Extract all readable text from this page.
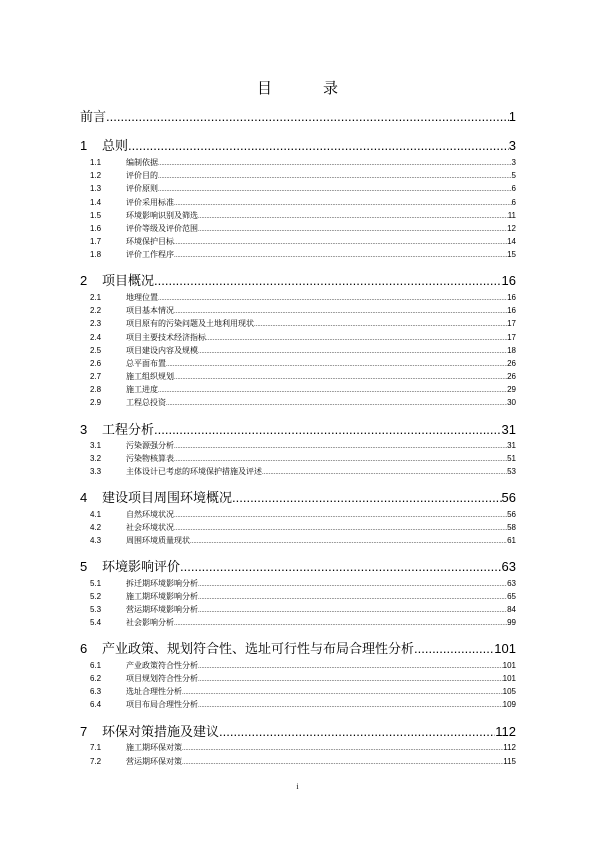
目　录
前言 .....	1
1	总则 .....	3
1.1	编制依据 .....	3
1.2	评价目的 .....	5
1.3	评价原则 .....	6
1.4	评价采用标准 .....	6
1.5	环境影响识别及筛选 .....	11
1.6	评价等级及评价范围 .....	12
1.7	环境保护目标 .....	14
1.8	评价工作程序 .....	15
2	项目概况 .....	16
2.1	地理位置 .....	16
2.2	项目基本情况 .....	16
2.3	项目原有的污染问题及土地利用现状 .....	17
2.4	项目主要技术经济指标 .....	17
2.5	项目建设内容及规模 .....	18
2.6	总平面布置 .....	26
2.7	施工组织规划 .....	26
2.8	施工进度 .....	29
2.9	工程总投资 .....	30
3	工程分析 .....	31
3.1	污染源强分析 .....	31
3.2	污染物核算表 .....	51
3.3	主体设计已考虑的环境保护措施及评述 .....	53
4	建设项目周围环境概况 .....	56
4.1	自然环境状况 .....	56
4.2	社会环境状况 .....	58
4.3	周围环境质量现状 .....	61
5	环境影响评价 .....	63
5.1	拆迁期环境影响分析 .....	63
5.2	施工期环境影响分析 .....	65
5.3	营运期环境影响分析 .....	84
5.4	社会影响分析 .....	99
6	产业政策、规划符合性、选址可行性与布局合理性分析 .....	101
6.1	产业政策符合性分析 .....	101
6.2	项目规划符合性分析 .....	101
6.3	选址合理性分析 .....	105
6.4	项目布局合理性分析 .....	109
7	环保对策措施及建议 .....	112
7.1	施工期环保对策 .....	112
7.2	营运期环保对策 .....	115
i
